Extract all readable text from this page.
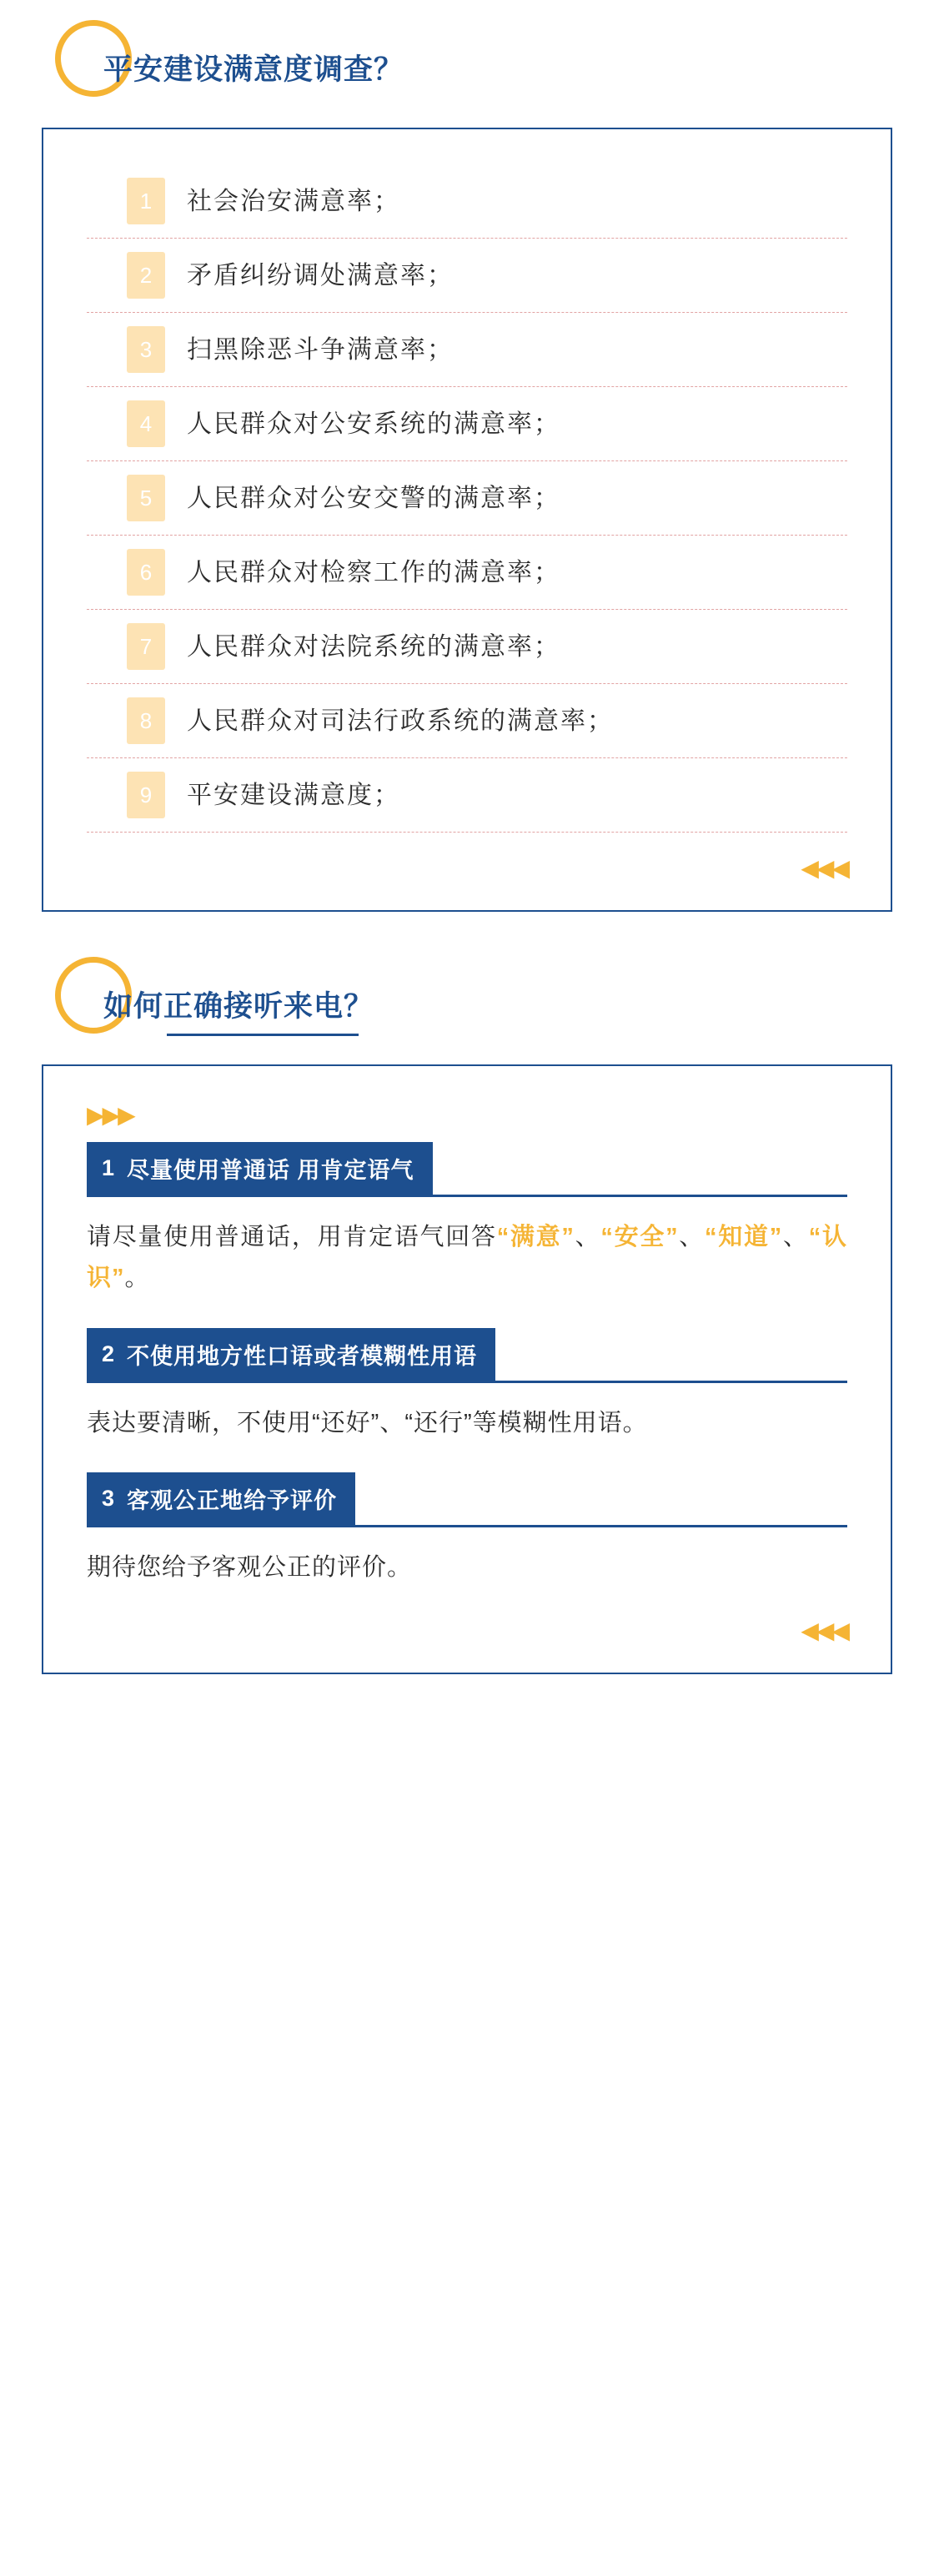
平安建设满意度调查？
1	社会治安满意率；
2	矛盾纠纷调处满意率；
3	扫黑除恶斗争满意率；
4	人民群众对公安系统的满意率；
5	人民群众对公安交警的满意率；
6	人民群众对检察工作的满意率；
7	人民群众对法院系统的满意率；
8	人民群众对司法行政系统的满意率；
9	平安建设满意度；
◀◀◀
如何正确接听来电？
▶▶▶
1 尽量使用普通话 用肯定语气
请尽量使用普通话，用肯定语气回答“满意”、“安全”、“知道”、“认识”。
2 不使用地方性口语或者模糊性用语
表达要清晰，不使用“还好”、“还行”等模糊性用语。
3 客观公正地给予评价
期待您给予客观公正的评价。
◀◀◀
